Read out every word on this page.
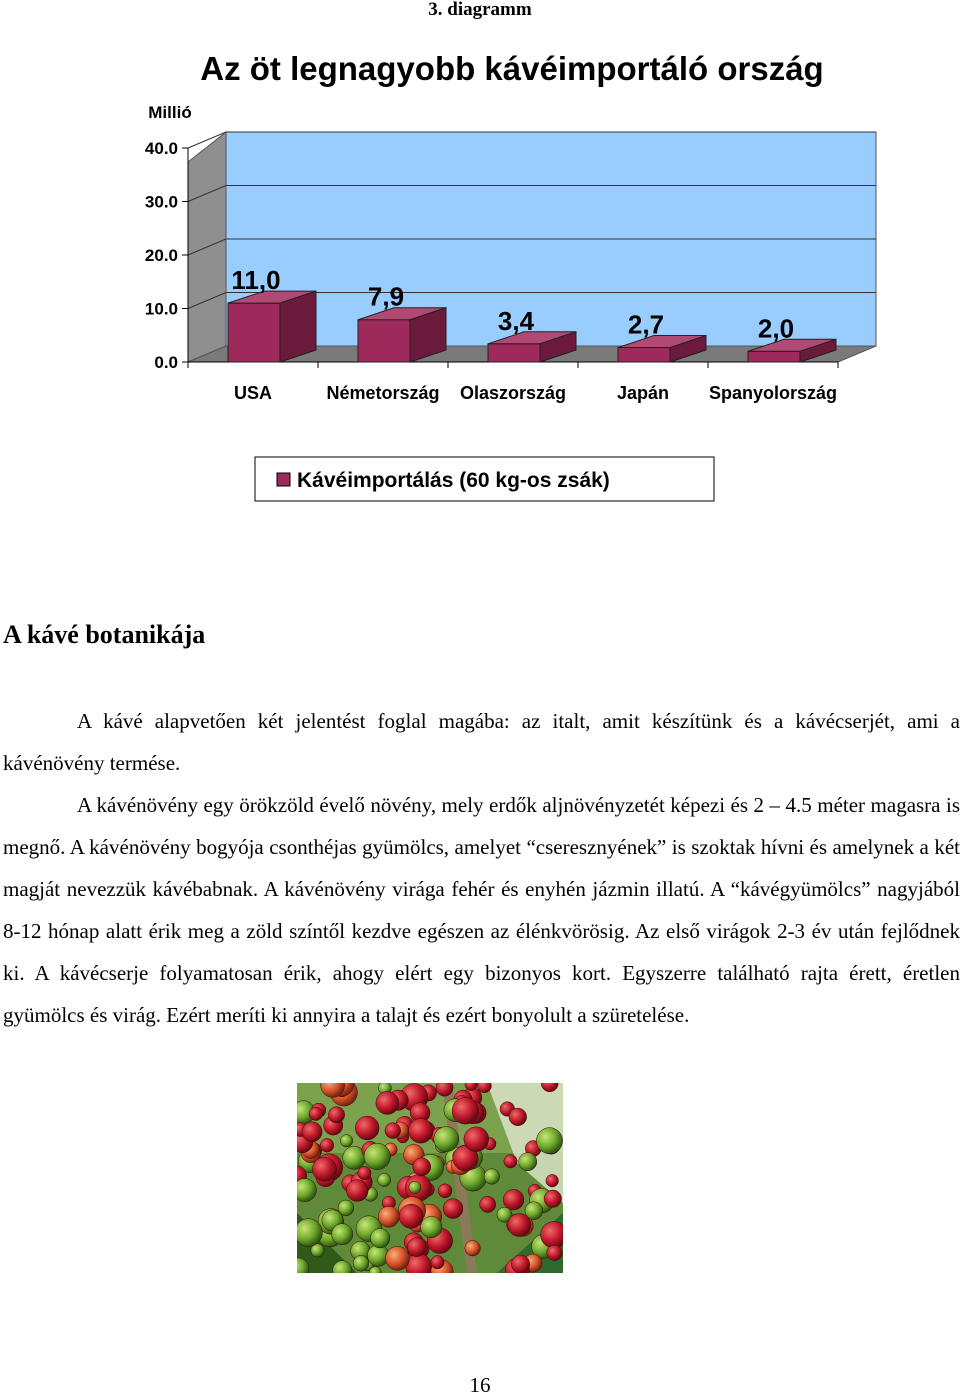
3. diagramm
0.0
10.0
20.0
30.0
40.0
11,0
USA
7,9
Németország
3,4
Olaszország
2,7
Japán
2,0
Spanyolország
Az öt legnagyobb kávéimportáló ország
Millió
Kávéimportálás (60 kg-os zsák)
A kávé botanikája

A kávé alapvetően két jelentést foglal magába: az italt, amit készítünk és a kávécserjét, ami a kávénövény termése.

A kávénövény egy örökzöld évelő növény, mely erdők aljnövényzetét képezi és 2 – 4.5 méter magasra is megnő. A kávénövény bogyója csonthéjas gyümölcs, amelyet “cseresznyének” is szoktak hívni és amelynek a két magját nevezzük kávébabnak. A kávénövény virága fehér és enyhén jázmin illatú. A “kávégyümölcs” nagyjából 8-12 hónap alatt érik meg a zöld színtől kezdve egészen az élénkvörösig. Az első virágok 2-3 év után fejlődnek ki. A kávécserje folyamatosan érik, ahogy elért egy bizonyos kort. Egyszerre található rajta érett, éretlen gyümölcs és virág. Ezért meríti ki annyira a talajt és ezért bonyolult a szüretelése.

16
